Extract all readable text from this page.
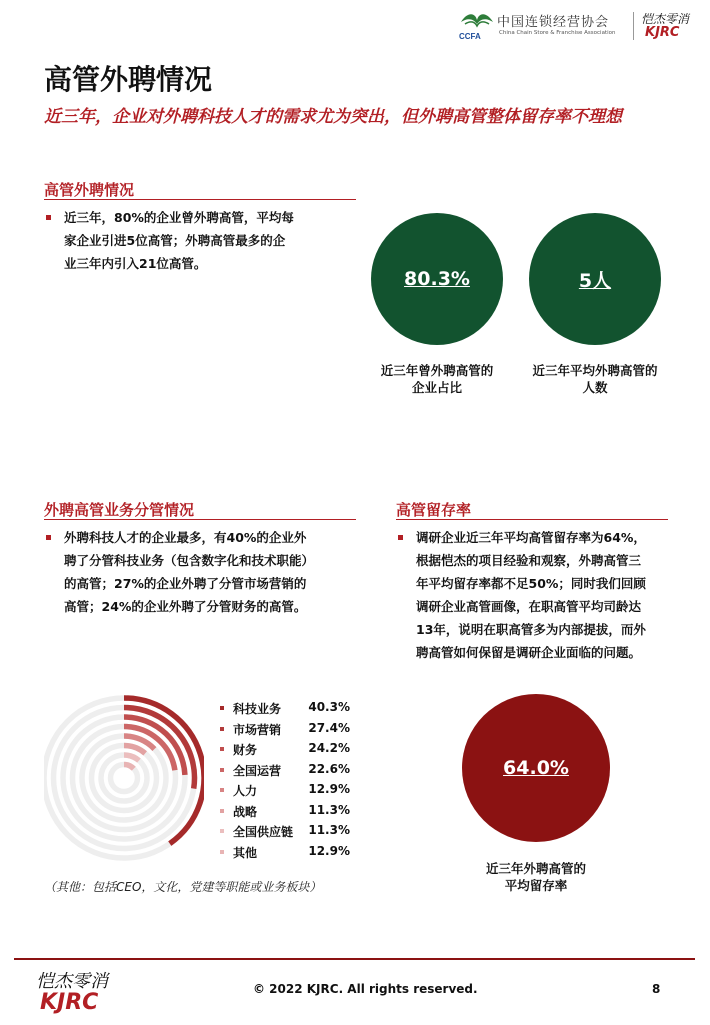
CCFA
中国连锁经营协会
China Chain Store & Franchise Association
恺杰零消
KJRC
高管外聘情况
近三年，企业对外聘科技人才的需求尤为突出，但外聘高管整体留存率不理想
高管外聘情况
近三年，80%的企业曾外聘高管，平均每
家企业引进5位高管；外聘高管最多的企
业三年内引入21位高管。
80.3%
近三年曾外聘高管的
企业占比
5人
近三年平均外聘高管的
人数
外聘高管业务分管情况
外聘科技人才的企业最多，有40%的企业外
聘了分管科技业务（包含数字化和技术职能）
的高管；27%的企业外聘了分管市场营销的
高管；24%的企业外聘了分管财务的高管。
科技业务 40.3%
市场营销 27.4%
财务	24.2%
全国运营 22.6%
人力	12.9%
战略	11.3%
全国供应链 11.3%
其他	12.9%
（其他：包括CEO，文化，党建等职能或业务板块）
高管留存率
调研企业近三年平均高管留存率为64%，
根据恺杰的项目经验和观察，外聘高管三
年平均留存率都不足50%；同时我们回顾
调研企业高管画像，在职高管平均司龄达
13年，说明在职高管多为内部提拔，而外
聘高管如何保留是调研企业面临的问题。
64.0%
近三年外聘高管的
平均留存率
恺杰零消
KJRC
© 2022 KJRC. All rights reserved.	8
